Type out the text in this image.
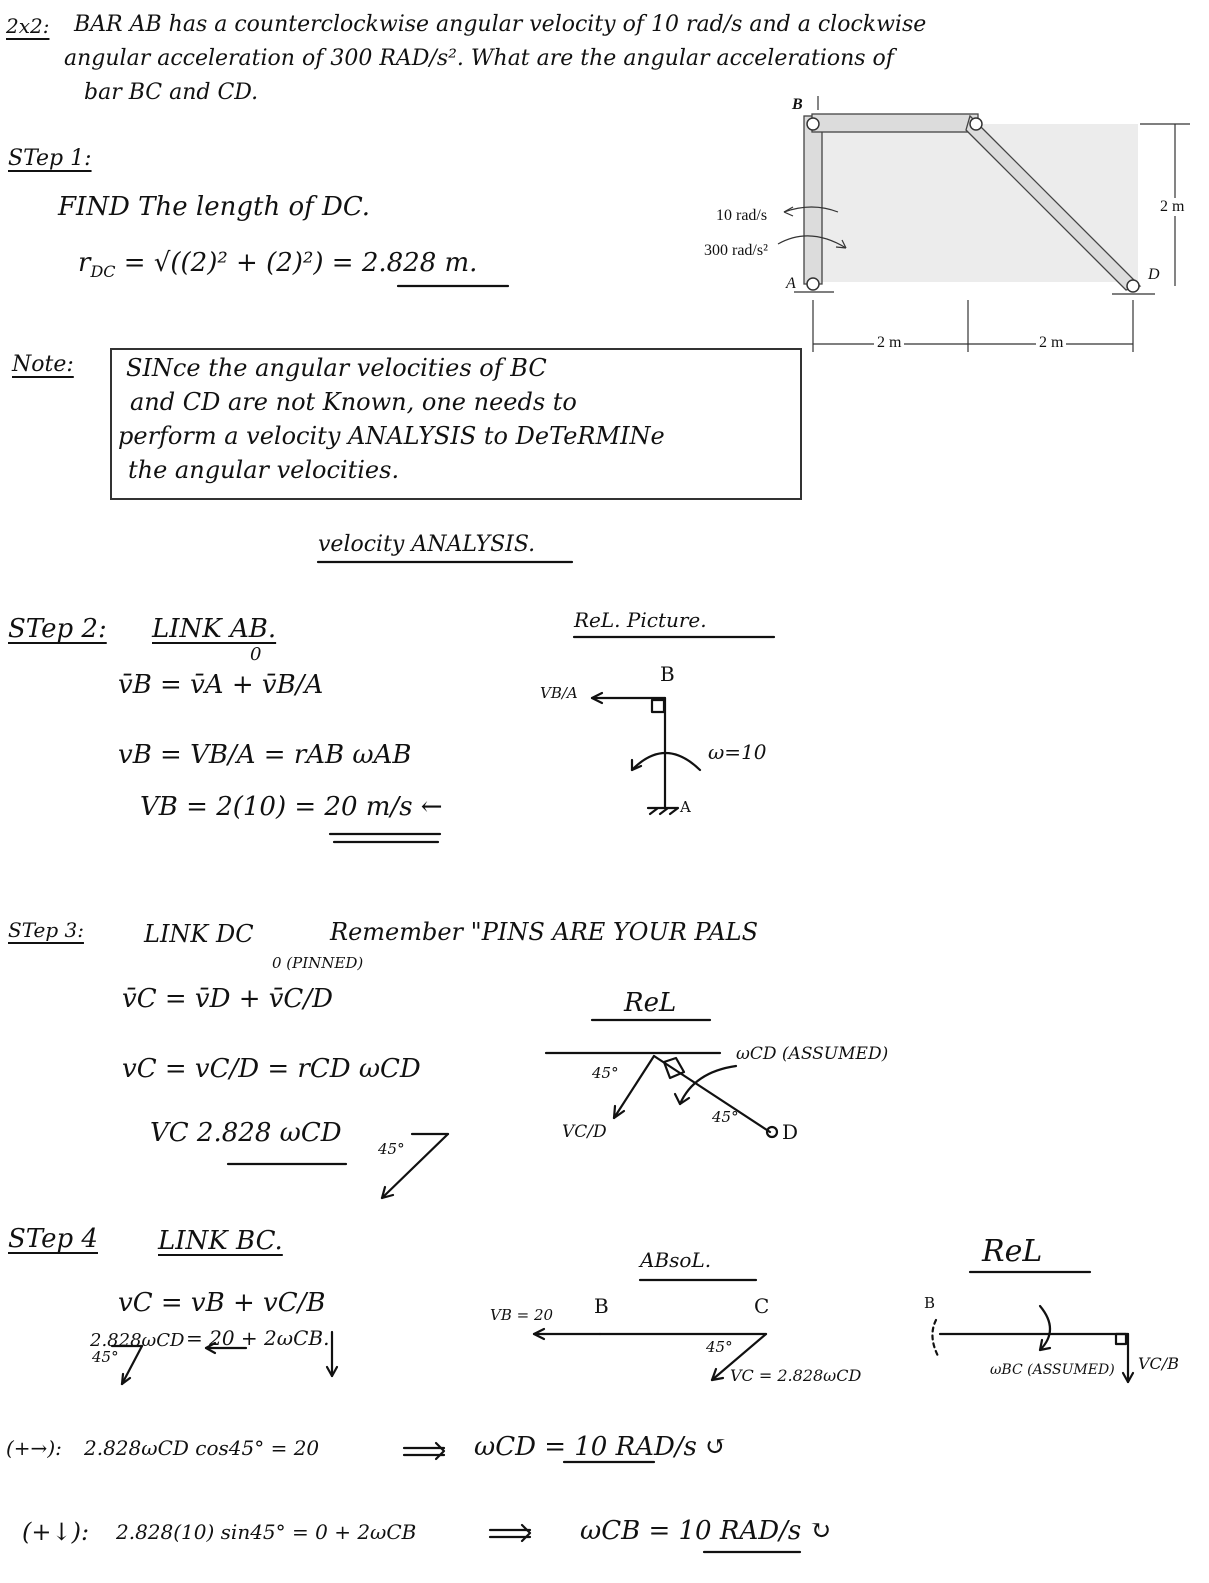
2x2: BAR AB has a counterclockwise angular velocity of 10 rad/s and a clockwise
angular acceleration of 300 RAD/s². What are the angular accelerations of
bar BC and CD.	B
A
D
10 rad/s
300 rad/s²
2 m
2 m	2 m
STep 1:
FIND The length of DC.
$r_{DC} = √((2)^2 + (2)^2) = 2.828$ m.
Note: SINce the angular velocities of BC
and CD are not Known, one needs to
perform a velocity ANALYSIS to DeTeRMINe
the angular velocities.
velocity ANALYSIS.
STep 2: LINK AB.
0
v̄B = v̄A + v̄B/A
vB = VB/A = rAB ωAB
VB = 2(10) = 20 m/s ←
ReL. Picture.
B
VB/A
ω=10
A
STep 3:	LINK DC	Remember "PINS ARE YOUR PALS
0 (PINNED)
v̄C = v̄D + v̄C/D
vC = vC/D = rCD ωCD
VC 2.828 ωCD
45°
ReL
45°
45°
VC/D	D
ωCD (ASSUMED)
STep 4 LINK BC.
vC = vB + vC/B
2.828ωCD = 20 + 2ωCB.
45°
ABsoL.
VB = 20 B	C
45°
VC = 2.828ωCD
ReL
B
ωBC (ASSUMED) VC/B
(+→): 2.828ωCD cos45° = 20	ωCD = 10 RAD/s ↺
(+↓): 2.828(10) sin45° = 0 + 2ωCB	ωCB = 10 RAD/s ↻
